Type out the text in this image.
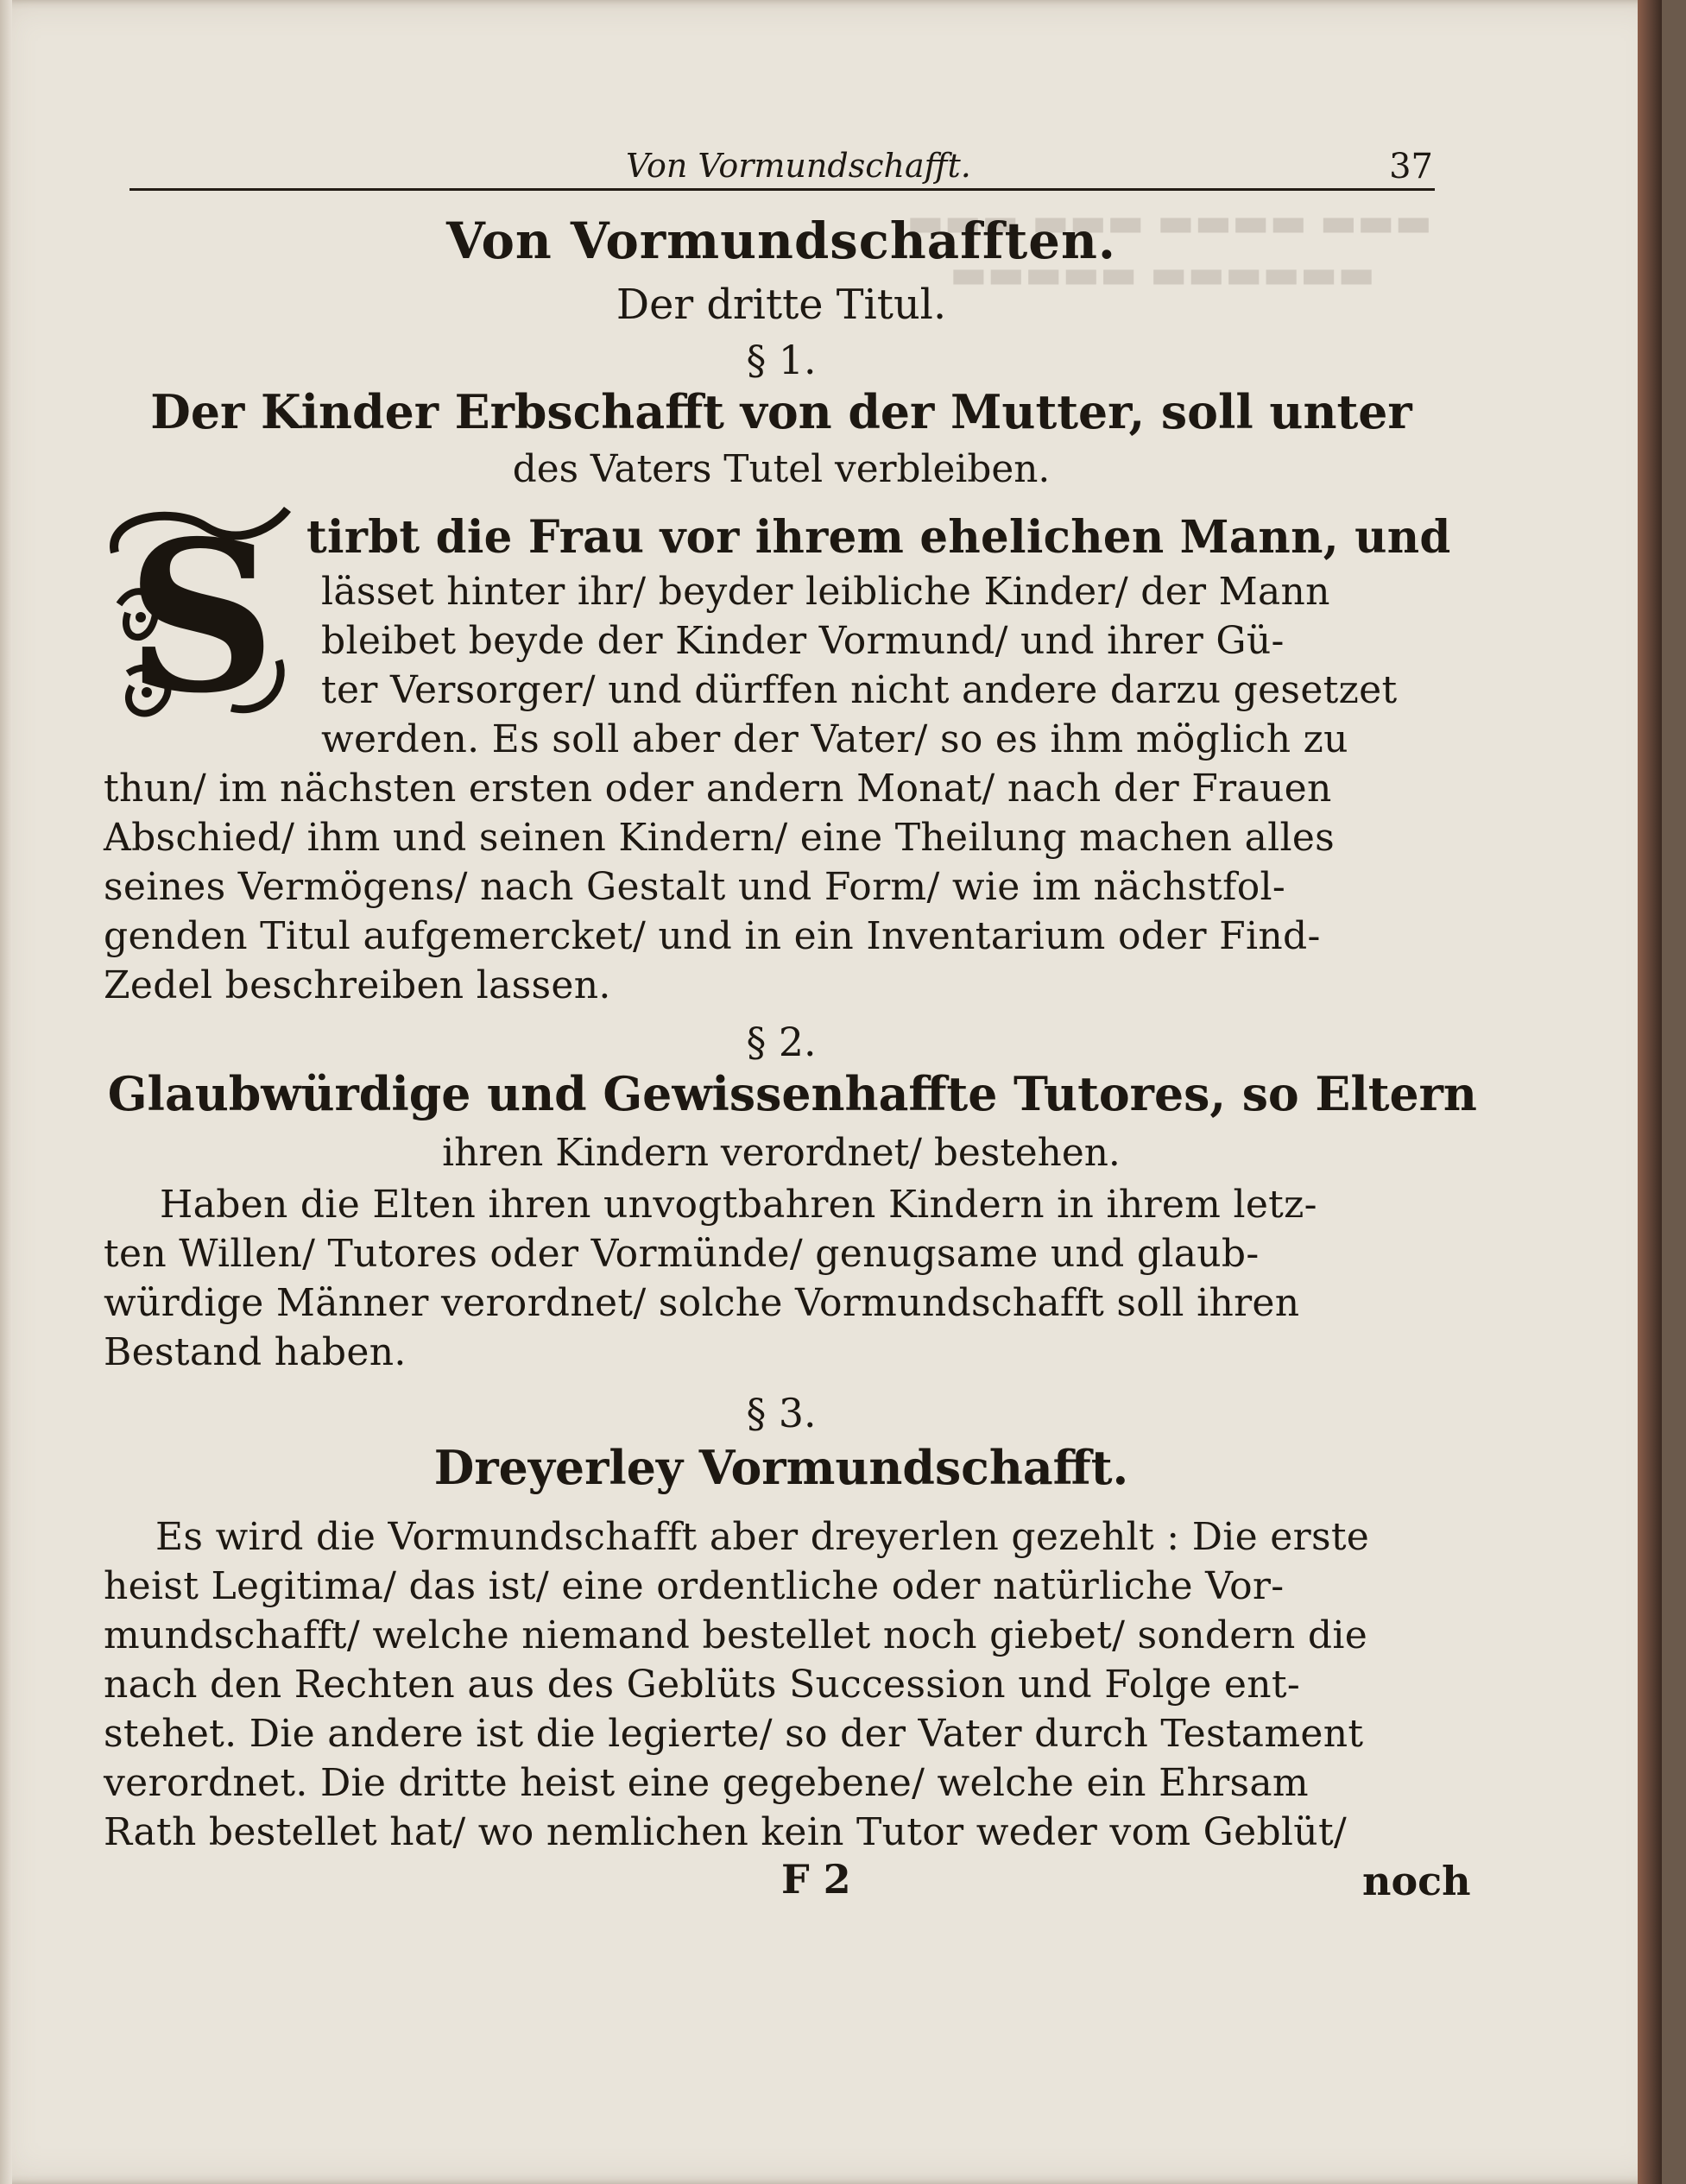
▬▬▬ ▬▬▬▬ ▬▬▬ ▬▬▬
▬▬▬▬▬▬ ▬▬▬▬▬
Von Vormundschafft.	37
Von Vormundschafften.
Der dritte Titul.
§ 1.
Der Kinder Erbschafft von der Mutter, soll unter
des Vaters Tutel verbleiben.
S tirbt die Frau vor ihrem ehelichen Mann, und
lässet hinter ihr/ beyder leibliche Kinder/ der Mann
bleibet beyde der Kinder Vormund/ und ihrer Gü-
ter Versorger/ und dürffen nicht andere darzu gesetzet
werden. Es soll aber der Vater/ so es ihm möglich zu
thun/ im nächsten ersten oder andern Monat/ nach der Frauen
Abschied/ ihm und seinen Kindern/ eine Theilung machen alles
seines Vermögens/ nach Gestalt und Form/ wie im nächstfol-
genden Titul aufgemercket/ und in ein Inventarium oder Find-
Zedel beschreiben lassen.
§ 2.
Glaubwürdige und Gewissenhaffte Tutores, so Eltern
ihren Kindern verordnet/ bestehen.
Haben die Elten ihren unvogtbahren Kindern in ihrem letz-
ten Willen/ Tutores oder Vormünde/ genugsame und glaub-
würdige Männer verordnet/ solche Vormundschafft soll ihren
Bestand haben.
§ 3.
Dreyerley Vormundschafft.
Es wird die Vormundschafft aber dreyerlen gezehlt : Die erste
heist Legitima/ das ist/ eine ordentliche oder natürliche Vor-
mundschafft/ welche niemand bestellet noch giebet/ sondern die
nach den Rechten aus des Geblüts Succession und Folge ent-
stehet. Die andere ist die legierte/ so der Vater durch Testament
verordnet. Die dritte heist eine gegebene/ welche ein Ehrsam
Rath bestellet hat/ wo nemlichen kein Tutor weder vom Geblüt/
F 2	noch
